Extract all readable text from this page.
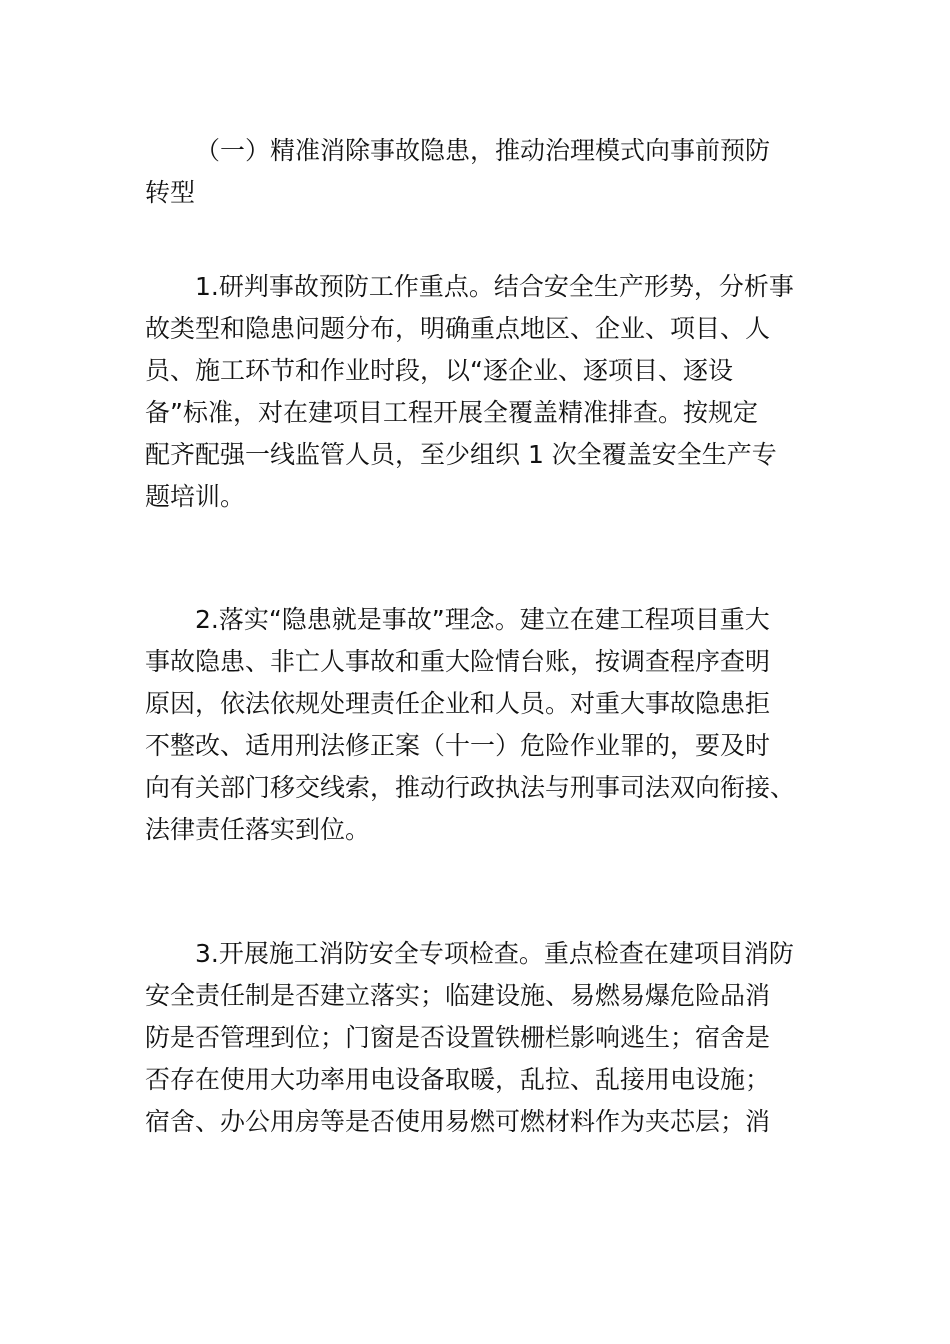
（一）精准消除事故隐患，推动治理模式向事前预防
转型
1.研判事故预防工作重点。结合安全生产形势，分析事
故类型和隐患问题分布，明确重点地区、企业、项目、人
员、施工环节和作业时段，以“逐企业、逐项目、逐设
备”标准，对在建项目工程开展全覆盖精准排查。按规定
配齐配强一线监管人员，至少组织 1 次全覆盖安全生产专
题培训。
2.落实“隐患就是事故”理念。建立在建工程项目重大
事故隐患、非亡人事故和重大险情台账，按调查程序查明
原因，依法依规处理责任企业和人员。对重大事故隐患拒
不整改、适用刑法修正案（十一）危险作业罪的，要及时
向有关部门移交线索，推动行政执法与刑事司法双向衔接、
法律责任落实到位。
3.开展施工消防安全专项检查。重点检查在建项目消防
安全责任制是否建立落实；临建设施、易燃易爆危险品消
防是否管理到位；门窗是否设置铁栅栏影响逃生；宿舍是
否存在使用大功率用电设备取暖，乱拉、乱接用电设施；
宿舍、办公用房等是否使用易燃可燃材料作为夹芯层；消
